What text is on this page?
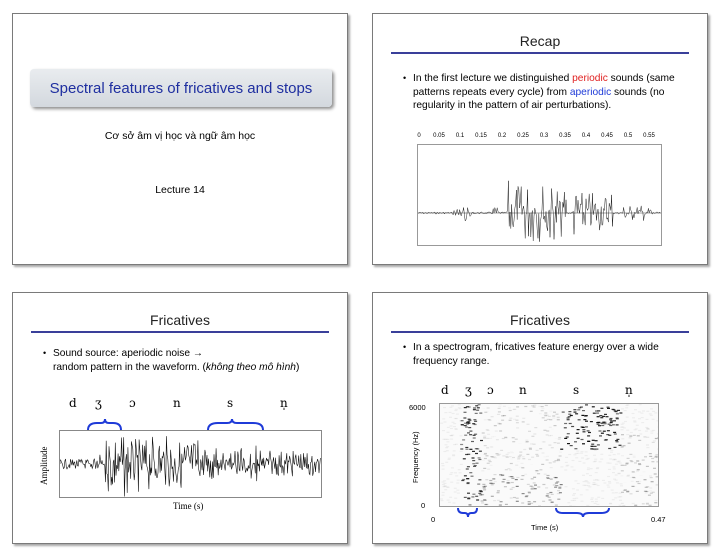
Spectral features of fricatives and stops
Cơ sở âm vị học và ngữ âm học
Lecture 14
Recap
• In the first lecture we distinguished periodic sounds (same patterns repeats every cycle) from aperiodic sounds (no regularity in the pattern of air perturbations).
0 0.05 0.1 0.15 0.2 0.25 0.3 0.35 0.4 0.45 0.5 0.55
Fricatives
• Sound source: aperiodic noise →
random pattern in the waveform. (không theo mô hình)
d ʒ ɔ	n	s	n̩
Amplitude
Time (s)
Fricatives
• In a spectrogram, fricatives feature energy over a wide frequency range.
d ʒ ɔ n	s	n̩
6000
0
Frequency (Hz)
0	0.47
Time (s)
